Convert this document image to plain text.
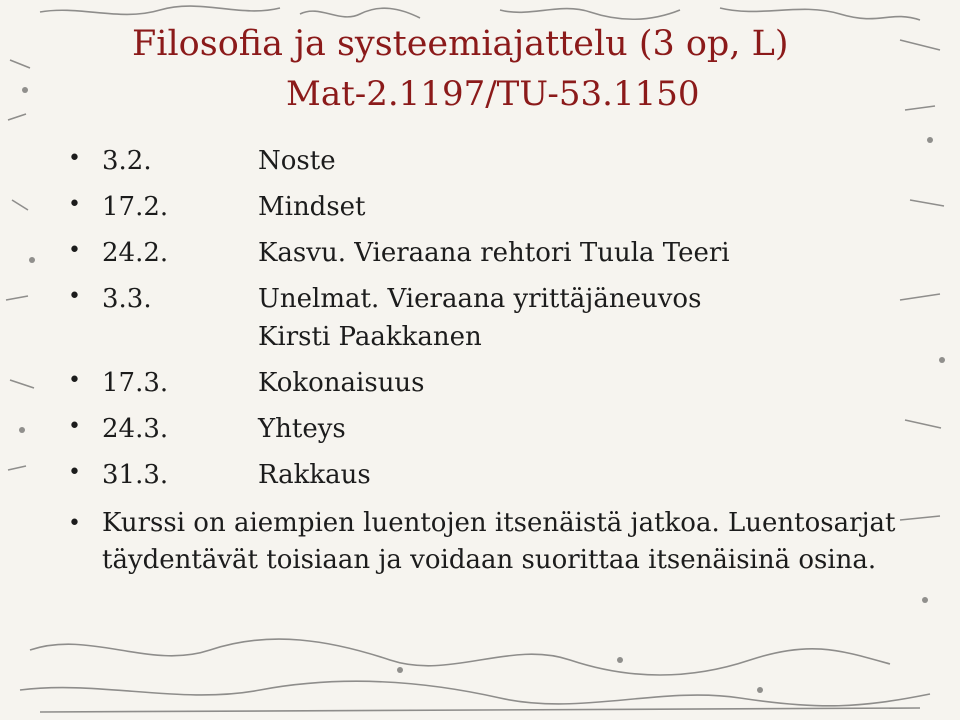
Filosofia ja systeemiajattelu (3 op, L)
Mat-2.1197/TU-53.1150
• 3.2.	Noste
• 17.2.	Mindset
• 24.2.	Kasvu. Vieraana rehtori Tuula Teeri
• 3.3.	Unelmat. Vieraana yrittäjäneuvos
Kirsti Paakkanen
• 17.3.	Kokonaisuus
• 24.3.	Yhteys
• 31.3.	Rakkaus
• Kurssi on aiempien luentojen itsenäistä jatkoa. Luentosarjat täydentävät toisiaan ja voidaan suorittaa itsenäisinä osina.
